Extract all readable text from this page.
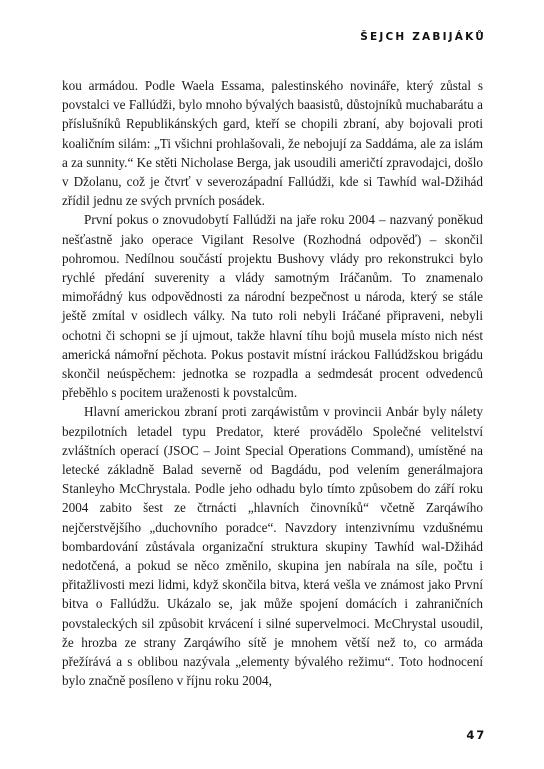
ŠEJCH ZABIJÁKŮ

kou armádou. Podle Waela Essama, palestinského novináře, který zůstal s povstalci ve Fallúdži, bylo mnoho bývalých baasistů, důstojníků muchabarátu a příslušníků Republikánských gard, kteří se chopili zbraní, aby bojovali proti koaličním silám: „Ti všichni prohlašovali, že nebojují za Saddáma, ale za islám a za sunnity.“ Ke stěti Nicholase Berga, jak usoudili američtí zpravodajci, došlo v Džolanu, což je čtvrť v severozápadní Fallúdži, kde si Tawhíd wal-Džihád zřídil jednu ze svých prvních posádek.

První pokus o znovudobytí Fallúdži na jaře roku 2004 – nazvaný poněkud nešťastně jako operace Vigilant Resolve (Rozhodná odpověď) – skončil pohromou. Nedílnou součástí projektu Bushovy vlády pro rekonstrukci bylo rychlé předání suverenity a vlády samotným Iráčanům. To znamenalo mimořádný kus odpovědnosti za národní bezpečnost u národa, který se stále ještě zmítal v osidlech války. Na tuto roli nebyli Iráčané připraveni, nebyli ochotni či schopni se jí ujmout, takže hlavní tíhu bojů musela místo nich nést americká námořní pěchota. Pokus postavit místní iráckou Fallúdžskou brigádu skončil neúspěchem: jednotka se rozpadla a sedmdesát procent odvedenců přeběhlo s pocitem uraženosti k povstalcům.

Hlavní americkou zbraní proti zarqáwistům v provincii Anbár byly nálety bezpilotních letadel typu Predator, které provádělo Společné velitelství zvláštních operací (JSOC – Joint Special Operations Command), umístěné na letecké základně Balad severně od Bagdádu, pod velením generálmajora Stanleyho McChrystala. Podle jeho odhadu bylo tímto způsobem do září roku 2004 zabito šest ze čtrnácti „hlavních činovníků“ včetně Zarqáwího nejčerstvějšího „duchovního poradce“. Navzdory intenzivnímu vzdušnému bombardování zůstávala organizační struktura skupiny Tawhíd wal-Džihád nedotčená, a pokud se něco změnilo, skupina jen nabírala na síle, počtu i přitažlivosti mezi lidmi, když skončila bitva, která vešla ve známost jako První bitva o Fallúdžu. Ukázalo se, jak může spojení domácích i zahraničních povstaleckých sil způsobit krvácení i silné supervelmoci. McChrystal usoudil, že hrozba ze strany Zarqáwího sítě je mnohem větší než to, co armáda přežírává a s oblibou nazývala „elementy bývalého režimu“. Toto hodnocení bylo značně posíleno v říjnu roku 2004,

47
